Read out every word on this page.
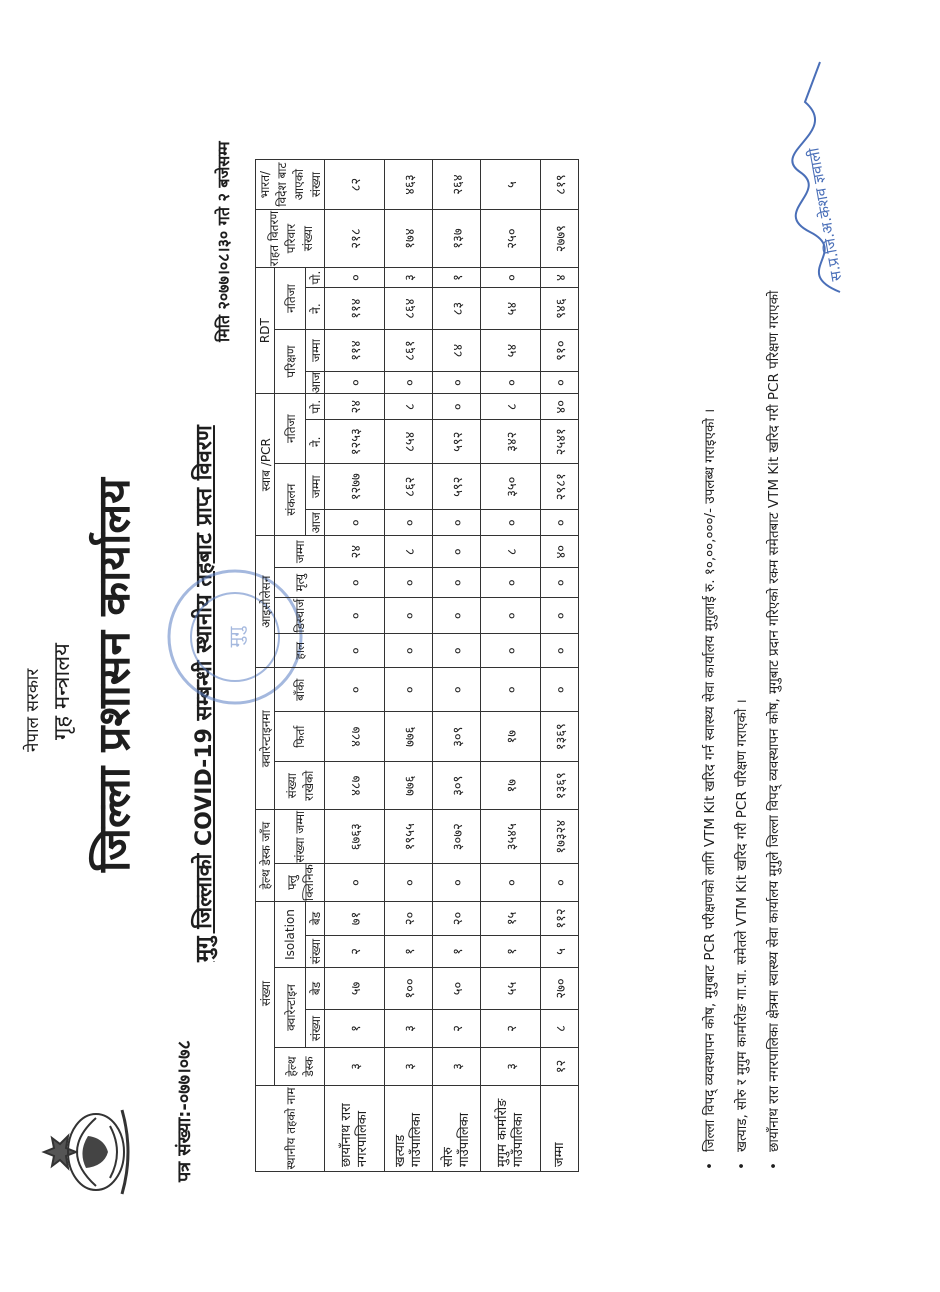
नेपाल सरकार गृह मन्त्रालय जिल्ला प्रशासन कार्यालय मुगु जिल्लाको COVID-19 सम्बन्धी स्थानीय तहबाट प्राप्त विवरण
पत्र संख्या:-०७७।०७८
मिति २०७७।०८।३० गते २ बजेसम्म
मुगु
स्थानीय तहको नाम	संख्या					हेल्थ डेस्क जाँच		क्वारेन्टाइनमा			आइसोलेसन				स्वाब /PCR				RDT				राहत वितरण परिवार संख्या	भारत/ विदेश बाट आएको संख्या
	हेल्थ डेस्क	क्वारेन्टाइन		Isolation		फ्लु क्लिनिक	संख्या जम्मा	संख्या राखेको	फिर्ता	बाँकी	हाल	डिस्चार्ज	मृत्यु	जम्मा	संकलन		नतिजा		परिक्षण		नतिजा			
		संख्या	बेड	संख्या	बेड										आज	जम्मा	ने.	पो.	आज	जम्मा	ने.	पो.		
छायाँनाथ रारा नगरपालिका	३	१	५७	२	७१	०	६७६३	४८७	४८७	०	०	०	०	२४	०	१२७७	१२५३	२४	०	११४	११४	०	२१८	८२
खत्याड गाउँपालिका	३	३	१००	१	२०	०	१९५५	७७६	७७६	०	०	०	०	८	०	८६२	८५४	८	०	८६१	८६४	३	१७४	४६३
सोरु गाउँपालिका	३	२	५०	१	२०	०	३०७२	३०९	३०९	०	०	०	०	०	०	५९२	५९२	०	०	८४	८३	१	१३७	२६४
मुगुम कार्मारोङ गाउँपालिका	३	२	५५	१	१५	०	३५४५	१७	१७	०	०	०	०	८	०	३५०	३४२	८	०	५४	५४	०	२५०	५
जम्मा	१२	८	२७०	५	११२	०	१७३२४	१३६९	१३६९	०	०	०	०	४०	०	२९८१	२५४१	४०	०	९१०	९४६	४	२७७९	८१९
• जिल्ला विपद् व्यवस्थापन कोष, मुगुबाट PCR परीक्षणको लागि VTM Kit खरिद गर्न स्वास्थ्य सेवा कार्यालय मुगुलाई रु. १०,००,०००/- उपलब्ध गराइएको । • खत्याड, सोरु र मुगुम कार्मारोङ गा.पा. समेतले VTM Kit खरिद गरी PCR परिक्षण गराएको । • छायाँनाथ रारा नगरपालिका क्षेत्रमा स्वास्थ्य सेवा कार्यालय मुगुले जिल्ला विपद् व्यवस्थापन कोष, मुगुबाट प्रदान गरिएको रकम समेतबाट VTM Kit खरिद गरी PCR परिक्षण गराएको
स.प्र.जि.अ.केशव ज्ञवाली
